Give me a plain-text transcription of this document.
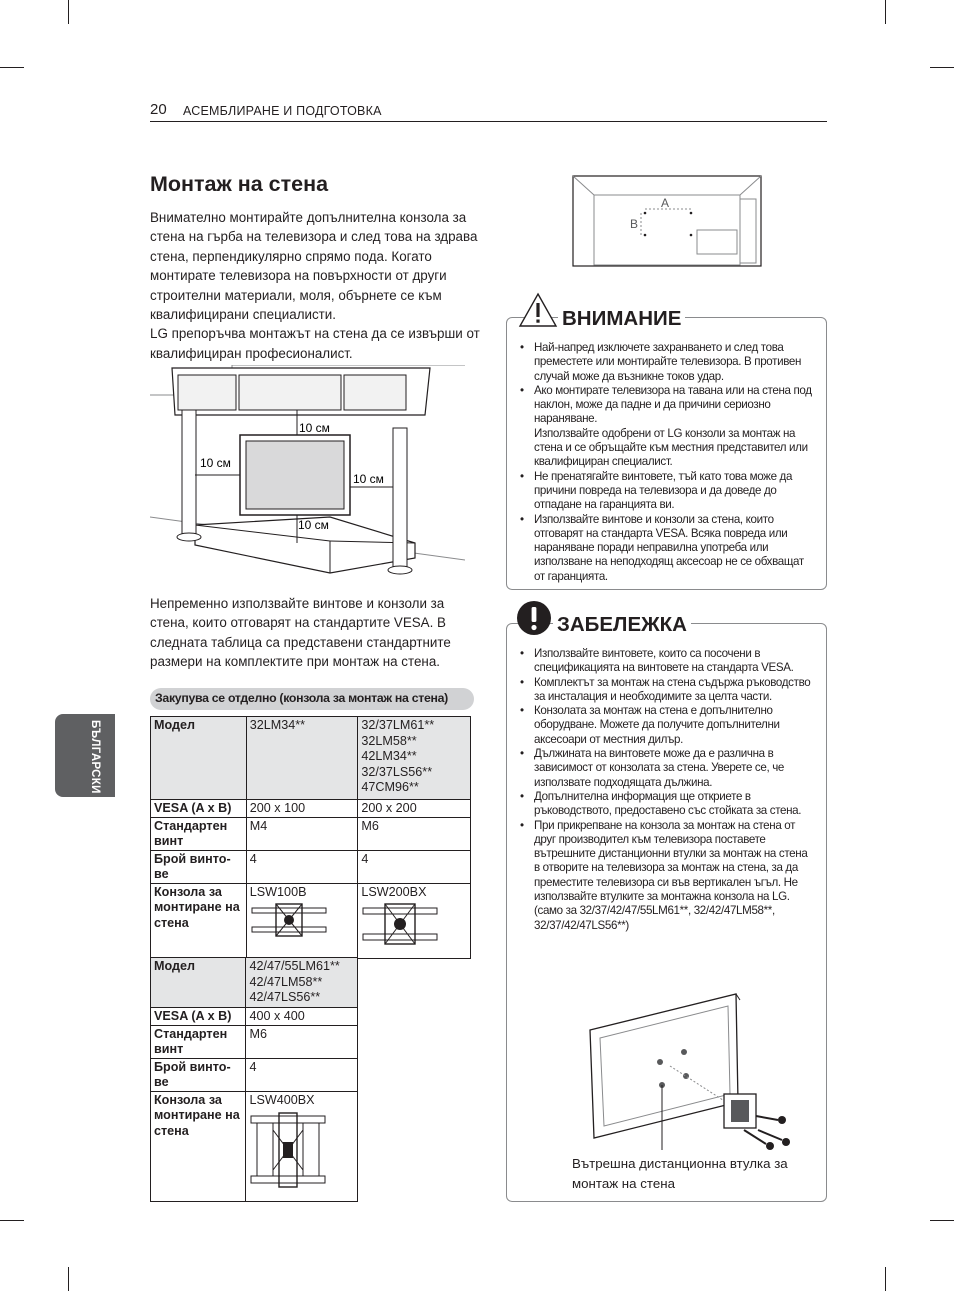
20 АСЕМБЛИРАНЕ И ПОДГОТОВКА
БЪЛГАРСКИ
Монтаж на стена
Внимателно монтирайте допълнителна конзола за стена на гърба на телевизора и след това на здрава стена, перпендикулярно спрямо пода. Когато монтирате телевизора на повърхности от други строителни материали, моля, обърнете се към квалифицирани специалисти.
LG препоръчва монтажът на стена да се извърши от квалифициран професионалист.
10 см
10 см
10 см
10 см
Непременно използвайте винтове и конзоли за стена, които отговарят на стандартите VESA. В следната таблица са представени стандартните размери на комплектите при монтаж на стена.
Закупува се отделно (конзола за монтаж на стена)
Модел	32LM34**	32/37LM61**
32LM58**
42LM34**
32/37LS56**
47CM96**
VESA (A x B)	200 x 100	200 x 200
Стандартен винт	M4	M6
Брой винто-ве	4	4
Конзола за монтиране на стена	LSW100B	LSW200BX
Модел	42/47/55LM61**
42/47LM58**
42/47LS56**
VESA (A x B)	400 x 400
Стандартен винт	M6
Брой винто-ве	4
Конзола за монтиране на стена	LSW400BX
A
B
ВНИМАНИЕ
• Най-напред изключете захранването и след това преместете или монтирайте телевизора. В противен случай може да възникне токов удар.
• Ако монтирате телевизора на тавана или на стена под наклон, може да падне и да причини сериозно нараняване.
Използвайте одобрени от LG конзоли за монтаж на стена и се обръщайте към местния представител или квалифициран специалист.
• Не пренатягайте винтовете, тъй като това може да причини повреда на телевизора и да доведе до отпадане на гаранцията ви.
• Използвайте винтове и конзоли за стена, които отговарят на стандарта VESA. Всяка повреда или нараняване поради неправилна употреба или използване на неподходящ аксесоар не се обхващат от гаранцията.
ЗАБЕЛЕЖКА
• Използвайте винтовете, които са посочени в спецификацията на винтовете на стандарта VESA.
• Комплектът за монтаж на стена съдържа ръководство за инсталация и необходимите за целта части.
• Конзолата за монтаж на стена е допълнително оборудване. Можете да получите допълнителни аксесоари от местния дилър.
• Дължината на винтовете може да е различна в зависимост от конзолата за стена. Уверете се, че използвате подходящата дължина.
• Допълнителна информация ще откриете в ръководството, предоставено със стойката за стена.
• При прикрепване на конзола за монтаж на стена от друг производител към телевизора поставете вътрешните дистанционни втулки за монтаж на стена в отворите на телевизора за монтаж на стена, за да преместите телевизора си във вертикален ъгъл. Не използвайте втулките за монтажна конзола на LG. (само за 32/37/42/47/55LM61**, 32/42/47LM58**, 32/37/42/47LS56**)
Вътрешна дистанционна втулка за монтаж на стена
